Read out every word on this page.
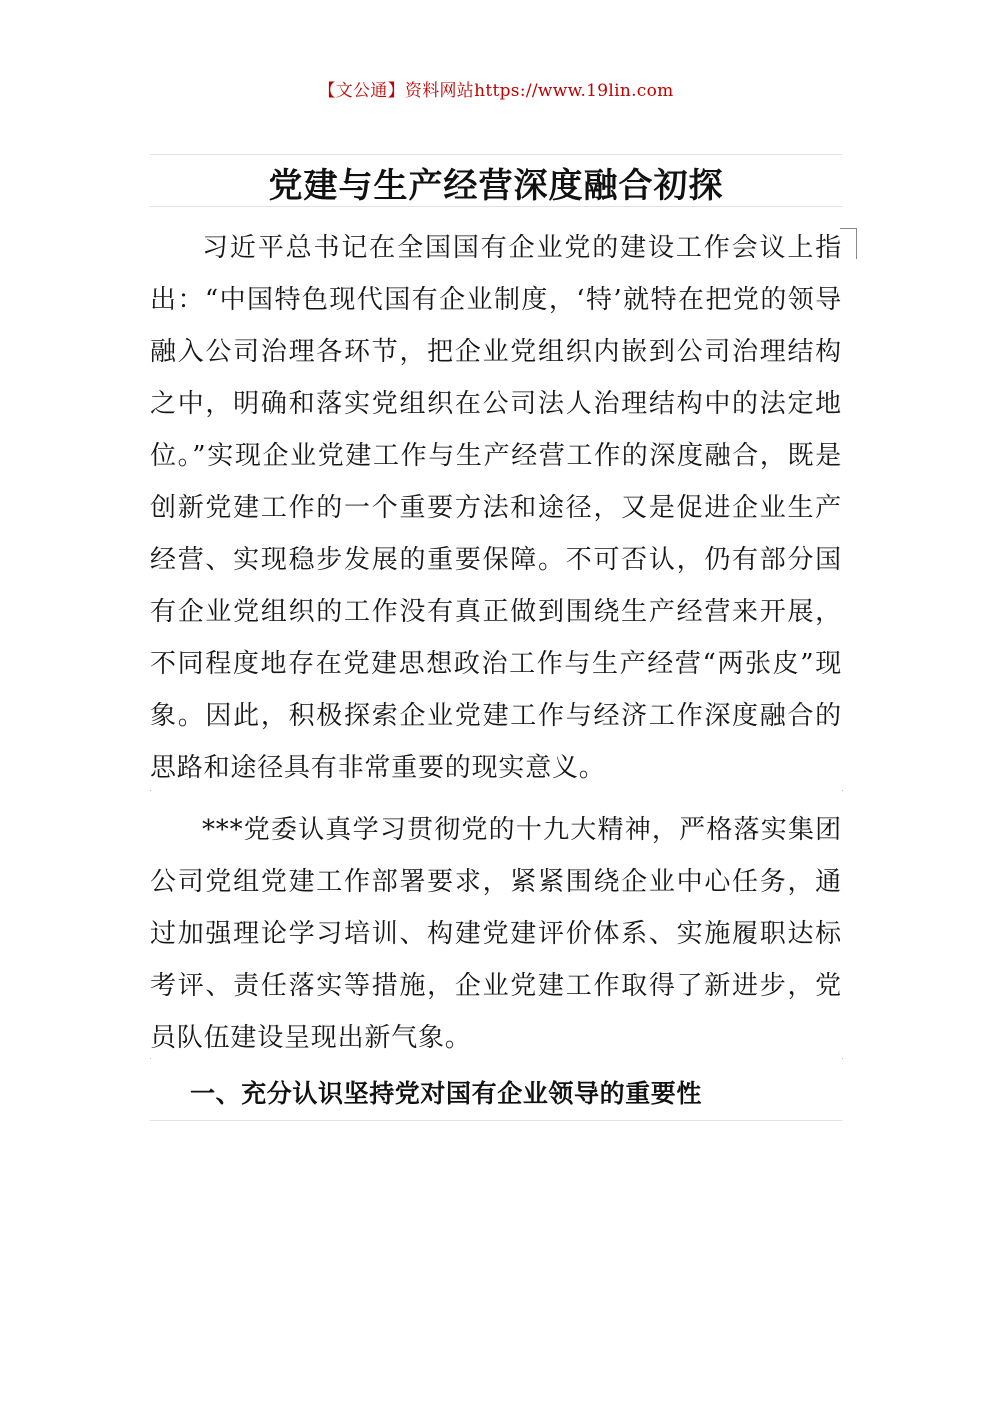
【文公通】资料网站https://www.19lin.com
党建与生产经营深度融合初探

习近平总书记在全国国有企业党的建设工作会议上指出：“中国特色现代国有企业制度，‘特’就特在把党的领导融入公司治理各环节，把企业党组织内嵌到公司治理结构之中，明确和落实党组织在公司法人治理结构中的法定地位。”实现企业党建工作与生产经营工作的深度融合，既是创新党建工作的一个重要方法和途径，又是促进企业生产经营、实现稳步发展的重要保障。不可否认，仍有部分国有企业党组织的工作没有真正做到围绕生产经营来开展，不同程度地存在党建思想政治工作与生产经营“两张皮”现象。因此，积极探索企业党建工作与经济工作深度融合的思路和途径具有非常重要的现实意义。

***党委认真学习贯彻党的十九大精神，严格落实集团公司党组党建工作部署要求，紧紧围绕企业中心任务，通过加强理论学习培训、构建党建评价体系、实施履职达标考评、责任落实等措施，企业党建工作取得了新进步，党员队伍建设呈现出新气象。

一、充分认识坚持党对国有企业领导的重要性
